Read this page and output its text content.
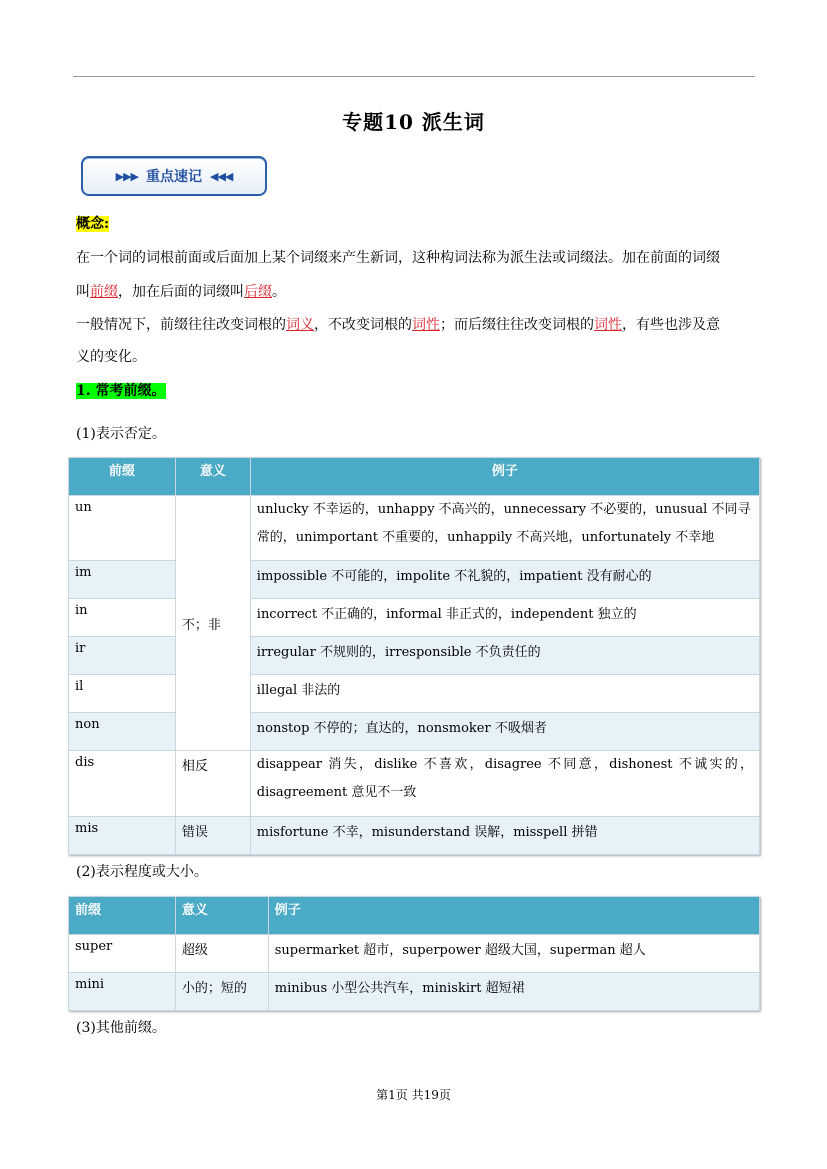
专题10 派生词
▶▶▶ 重点速记 ◀◀◀
概念:
在一个词的词根前面或后面加上某个词缀来产生新词，这种构词法称为派生法或词缀法。加在前面的词缀
叫前缀，加在后面的词缀叫后缀。
一般情况下，前缀往往改变词根的词义，不改变词根的词性；而后缀往往改变词根的词性，有些也涉及意
义的变化。
1. 常考前缀。
(1)表示否定。
前缀	意义	例子
un	不；非	unlucky 不幸运的，unhappy 不高兴的，unnecessary 不必要的，unusual 不同寻常的，unimportant 不重要的，unhappily 不高兴地，unfortunately 不幸地
im		impossible 不可能的，impolite 不礼貌的，impatient 没有耐心的
in		incorrect 不正确的，informal 非正式的，independent 独立的
ir		irregular 不规则的，irresponsible 不负责任的
il		illegal 非法的
non		nonstop 不停的；直达的，nonsmoker 不吸烟者
dis	相反	disappear 消失，dislike 不喜欢，disagree 不同意，dishonest 不诚实的，disagreement 意见不一致
mis	错误	misfortune 不幸，misunderstand 误解，misspell 拼错
(2)表示程度或大小。
前缀	意义	例子
super	超级	supermarket 超市，superpower 超级大国，superman 超人
mini	小的；短的	minibus 小型公共汽车，miniskirt 超短裙
(3)其他前缀。
第1页 共19页
